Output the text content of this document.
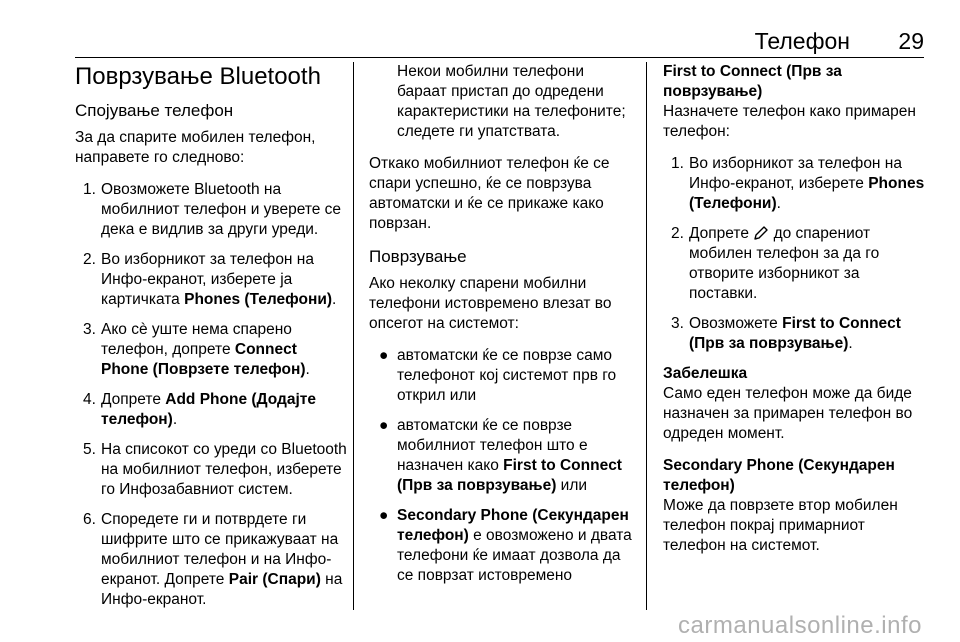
Телефон 29
Поврзување Bluetooth
Спојување телефон

За да спарите мобилен телефон, направете го следново:

1. Овозможете Bluetooth на мобилниот телефон и уверете се дека е видлив за други уреди.
2. Во изборникот за телефон на Инфо-екранот, изберете ја картичката Phones (Телефони).
3. Ако сè уште нема спарено телефон, допрете Connect Phone (Поврзете телефон).
4. Допрете Add Phone (Додајте телефон).
5. На списокот со уреди со Bluetooth на мобилниот телефон, изберете го Инфозабавниот систем.
6. Споредете ги и потврдете ги шифрите што се прикажуваат на мобилниот телефон и на Инфо-екранот. Допрете Pair (Спари) на Инфо-екранот.

Некои мобилни телефони бараат пристап до одредени карактеристики на телефоните; следете ги упатствата.

Откако мобилниот телефон ќе се спари успешно, ќе се поврзува автоматски и ќе се прикаже како поврзан.

Поврзување

Ако неколку спарени мобилни телефони истовремено влезат во опсегот на системот:

● автоматски ќе се поврзе само телефонот кој системот прв го открил или
● автоматски ќе се поврзе мобилниот телефон што е назначен како First to Connect (Прв за поврзување) или
● Secondary Phone (Секундарен телефон) е овозможено и двата телефони ќе имаат дозвола да се поврзат истовремено

First to Connect (Прв за поврзување)

Назначете телефон како примарен телефон:

1. Во изборникот за телефон на Инфо-екранот, изберете Phones (Телефони).
2. Допрете  до спарениот мобилен телефон за да го отворите изборникот за поставки.
3. Овозможете First to Connect (Прв за поврзување).

Забелешка

Само еден телефон може да биде назначен за примарен телефон во одреден момент.

Secondary Phone (Секундарен телефон)

Може да поврзете втор мобилен телефон покрај примарниот телефон на системот.

carmanualsonline.info
